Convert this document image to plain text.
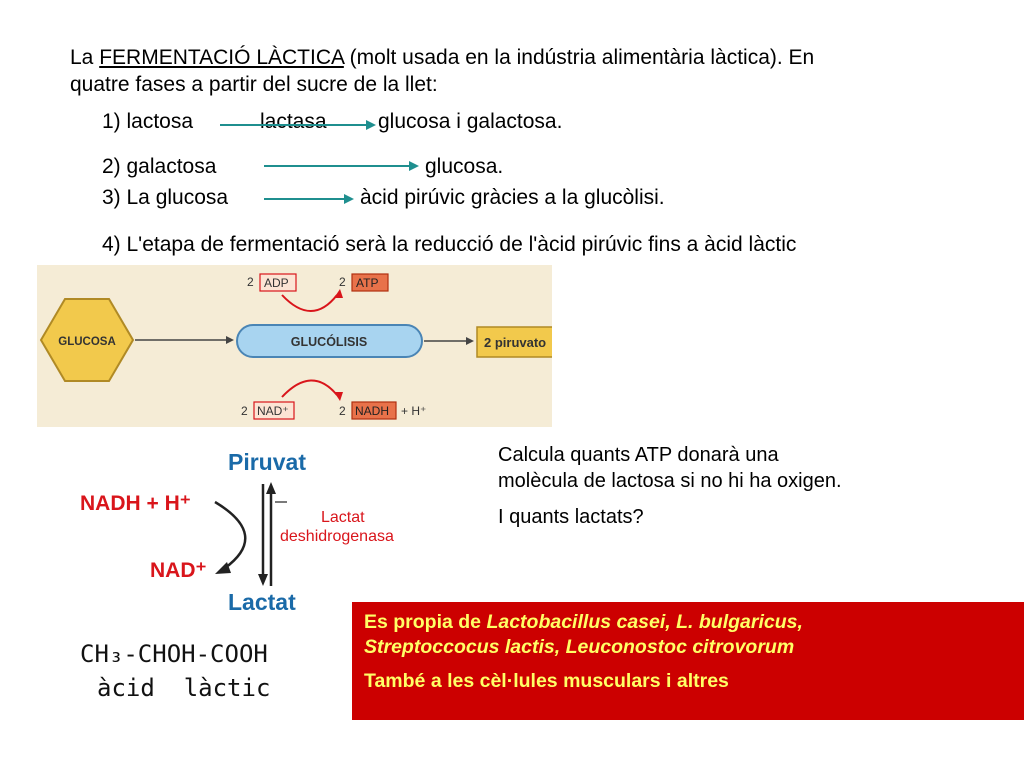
La FERMENTACIÓ LÀCTICA (molt usada en la indústria alimentària làctica). En
quatre fases a partir del sucre de la llet:
1) lactosa	lactasa glucosa i galactosa.
2) galactosa	glucosa.
3) La glucosa	àcid pirúvic gràcies a la glucòlisi.
4) L'etapa de fermentació serà la reducció de l'àcid pirúvic fins a àcid làctic
GLUCOSA	GLUCÓLISIS	2 piruvato
2 ADP	2 ATP
2 NAD⁺	2 NADH + H⁺
Piruvat
NADH + H⁺
NAD⁺
Lactat
deshidrogenasa
Lactat
CH₃-CHOH-COOH
àcid  làctic
Calcula quants ATP donarà una
molècula de lactosa si no hi ha oxigen.
I quants lactats?
Es propia de Lactobacillus casei, L. bulgaricus,
Streptoccocus lactis, Leuconostoc citrovorum
També a les cèl·lules musculars i altres
